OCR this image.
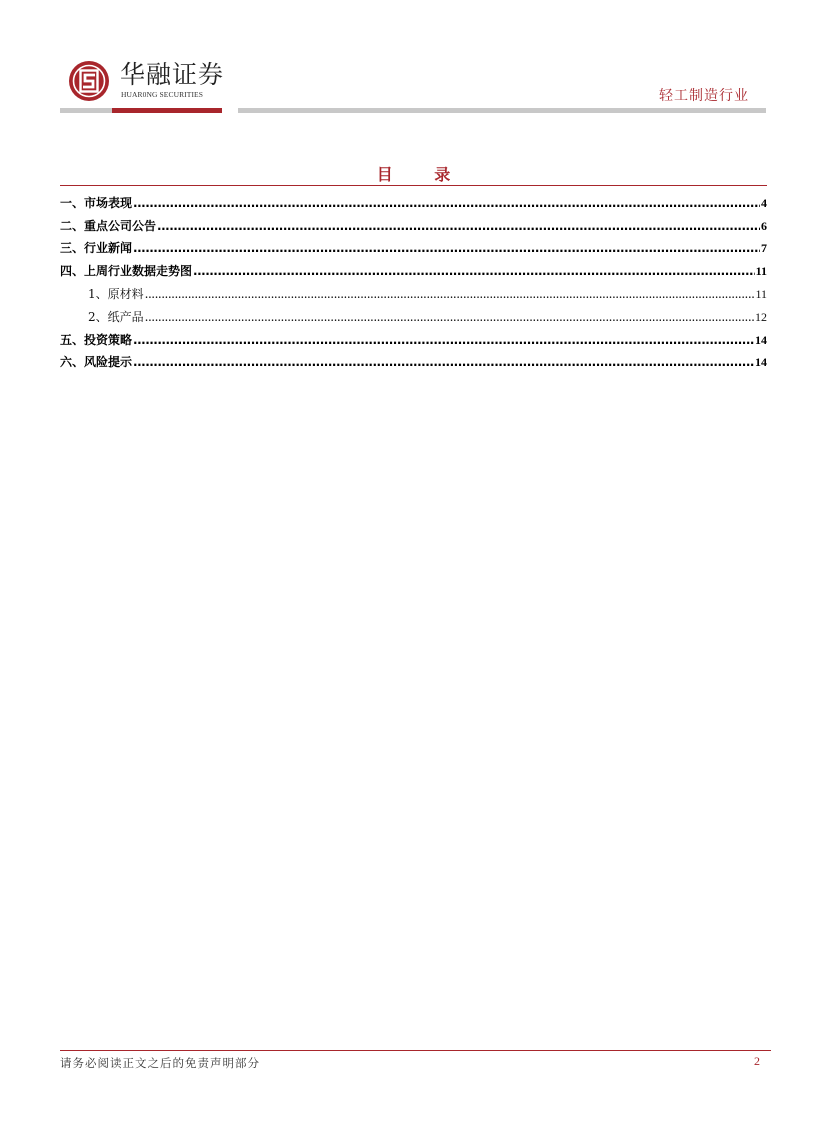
华融证券
HUAR0NG SECURITIES	轻工制造行业
目 录
一、市场表现 .....	4
二、重点公司公告 .....	6
三、行业新闻 .....	7
四、上周行业数据走势图 .....	11
1、原材料 .....	11
2、纸产品 .....	12
五、投资策略 .....	14
六、风险提示 .....	14
请务必阅读正文之后的免责声明部分	2
